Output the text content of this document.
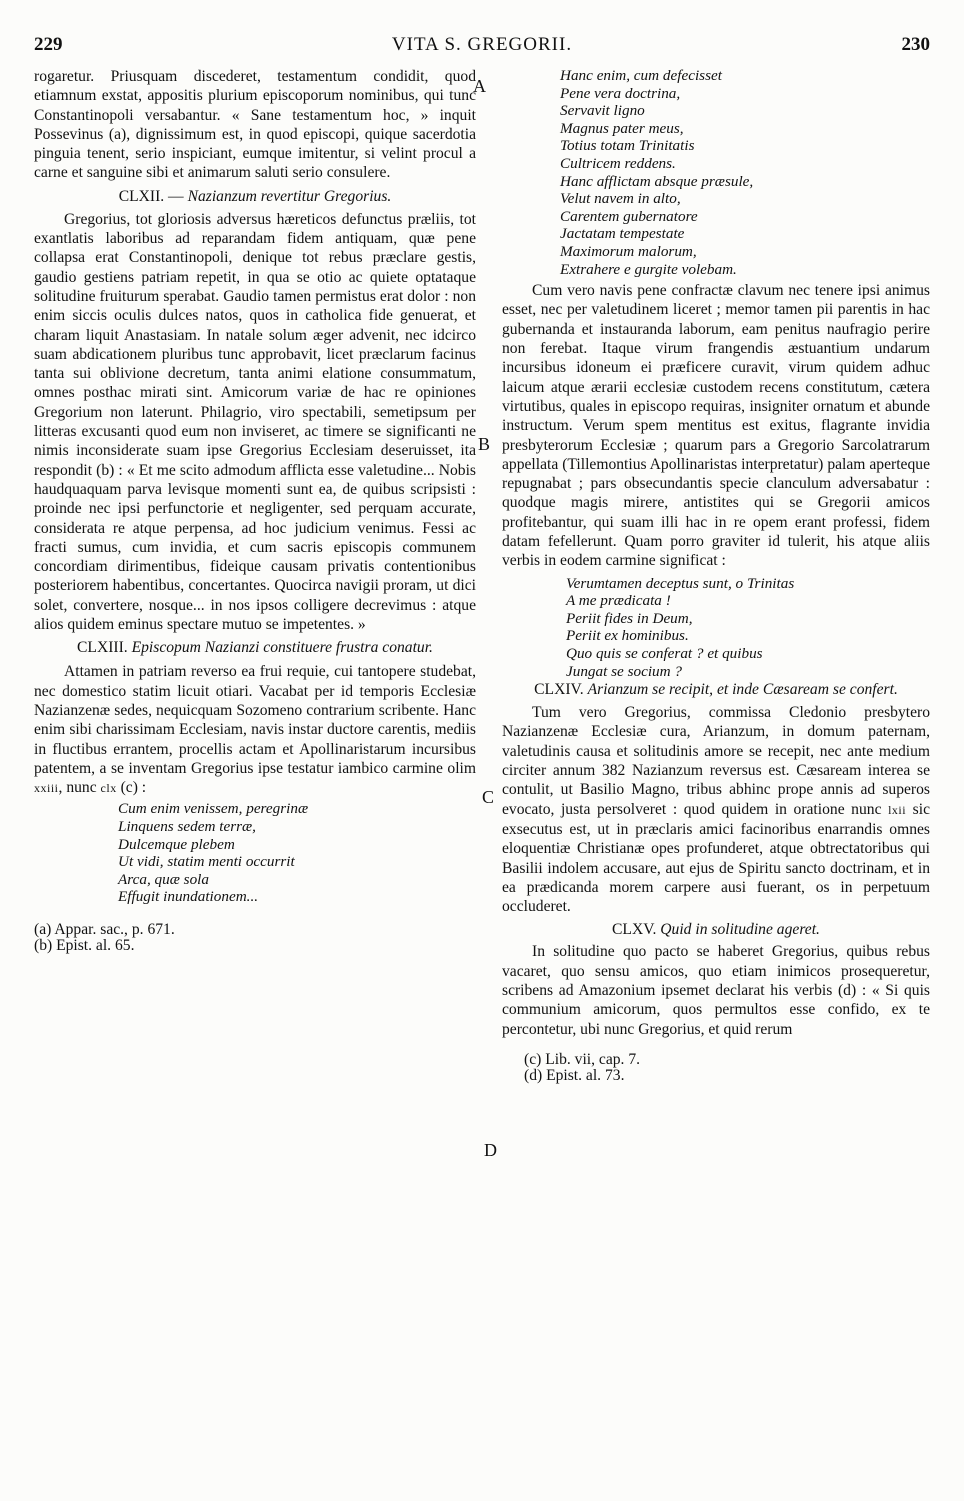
229	VITA S. GREGORII.	230
A
B
C
D

rogaretur. Priusquam discederet, testamentum condidit, quod etiamnum exstat, appositis plurium episcoporum nominibus, qui tunc Constantinopoli versabantur. « Sane testamentum hoc, » inquit Possevinus (a), dignissimum est, in quod episcopi, quique sacerdotia pinguia tenent, serio inspiciant, eumque imitentur, si velint procul a carne et sanguine sibi et animarum saluti serio consulere.

CLXII. — Nazianzum revertitur Gregorius.

Gregorius, tot gloriosis adversus hæreticos defunctus præliis, tot exantlatis laboribus ad reparandam fidem antiquam, quæ pene collapsa erat Constantinopoli, denique tot rebus præclare gestis, gaudio gestiens patriam repetit, in qua se otio ac quiete optataque solitudine fruiturum sperabat. Gaudio tamen permistus erat dolor : non enim siccis oculis dulces natos, quos in catholica fide genuerat, et charam liquit Anastasiam. In natale solum æger advenit, nec idcirco suam abdicationem pluribus tunc approbavit, licet præclarum facinus tanta sui oblivione decretum, tanta animi elatione consummatum, omnes posthac mirati sint. Amicorum variæ de hac re opiniones Gregorium non laterunt. Philagrio, viro spectabili, semetipsum per litteras excusanti quod eum non inviseret, ac timere se significanti ne nimis inconsiderate suam ipse Gregorius Ecclesiam deseruisset, ita respondit (b) : « Et me scito admodum afflicta esse valetudine... Nobis haudquaquam parva levisque momenti sunt ea, de quibus scripsisti : proinde nec ipsi perfunctorie et negligenter, sed perquam accurate, considerata re atque perpensa, ad hoc judicium venimus. Fessi ac fracti sumus, cum invidia, et cum sacris episcopis communem concordiam dirimentibus, fideique causam privatis contentionibus posteriorem habentibus, concertantes. Quocirca navigii proram, ut dici solet, convertere, nosque... in nos ipsos colligere decrevimus : atque alios quidem eminus spectare mutuo se impetentes. »

CLXIII. Episcopum Nazianzi constituere frustra conatur.

Attamen in patriam reverso ea frui requie, cui tantopere studebat, nec domestico statim licuit otiari. Vacabat per id temporis Ecclesiæ Nazianzenæ sedes, nequicquam Sozomeno contrarium scribente. Hanc enim sibi charissimam Ecclesiam, navis instar ductore carentis, mediis in fluctibus errantem, procellis actam et Apollinaristarum incursibus patentem, a se inventam Gregorius ipse testatur iambico carmine olim xxiii, nunc clx (c) :

Cum enim venissem, peregrinæ
Linquens sedem terræ,
Dulcemque plebem
Ut vidi, statim menti occurrit
Arca, quæ sola
Effugit inundationem...

(a) Appar. sac., p. 671.

(b) Epist. al. 65.

Hanc enim, cum defecisset
Pene vera doctrina,
Servavit ligno
Magnus pater meus,
Totius totam Trinitatis
Cultricem reddens.
Hanc afflictam absque præsule,
Velut navem in alto,
Carentem gubernatore
Jactatam tempestate
Maximorum malorum,
Extrahere e gurgite volebam.

Cum vero navis pene confractæ clavum nec tenere ipsi animus esset, nec per valetudinem liceret ; memor tamen pii parentis in hac gubernanda et instauranda laborum, eam penitus naufragio perire non ferebat. Itaque virum frangendis æstuantium undarum incursibus idoneum ei præficere curavit, virum quidem adhuc laicum atque ærarii ecclesiæ custodem recens constitutum, cætera virtutibus, quales in episcopo requiras, insigniter ornatum et abunde instructum. Verum spem mentitus est exitus, flagrante invidia presbyterorum Ecclesiæ ; quarum pars a Gregorio Sarcolatrarum appellata (Tillemontius Apollinaristas interpretatur) palam aperteque repugnabat ; pars obsecundantis specie clanculum adversabatur : quodque magis mirere, antistites qui se Gregorii amicos profitebantur, qui suam illi hac in re opem erant professi, fidem datam fefellerunt. Quam porro graviter id tulerit, his atque aliis verbis in eodem carmine significat :

Verumtamen deceptus sunt, o Trinitas
A me prædicata !
Periit fides in Deum,
Periit ex hominibus.
Quo quis se conferat ? et quibus
Jungat se socium ?

CLXIV. Arianzum se recipit, et inde Cæsaream se confert.

Tum vero Gregorius, commissa Cledonio presbytero Nazianzenæ Ecclesiæ cura, Arianzum, in domum paternam, valetudinis causa et solitudinis amore se recepit, nec ante medium circiter annum 382 Nazianzum reversus est. Cæsaream interea se contulit, ut Basilio Magno, tribus abhinc prope annis ad superos evocato, justa persolveret : quod quidem in oratione nunc lxii sic exsecutus est, ut in præclaris amici facinoribus enarrandis omnes eloquentiæ Christianæ opes profunderet, atque obtrectatoribus qui Basilii indolem accusare, aut ejus de Spiritu sancto doctrinam, et in ea prædicanda morem carpere ausi fuerant, os in perpetuum occluderet.

CLXV. Quid in solitudine ageret.

In solitudine quo pacto se haberet Gregorius, quibus rebus vacaret, quo sensu amicos, quo etiam inimicos prosequeretur, scribens ad Amazonium ipsemet declarat his verbis (d) : « Si quis communium amicorum, quos permultos esse confido, ex te percontetur, ubi nunc Gregorius, et quid rerum

(c) Lib. vii, cap. 7.

(d) Epist. al. 73.
